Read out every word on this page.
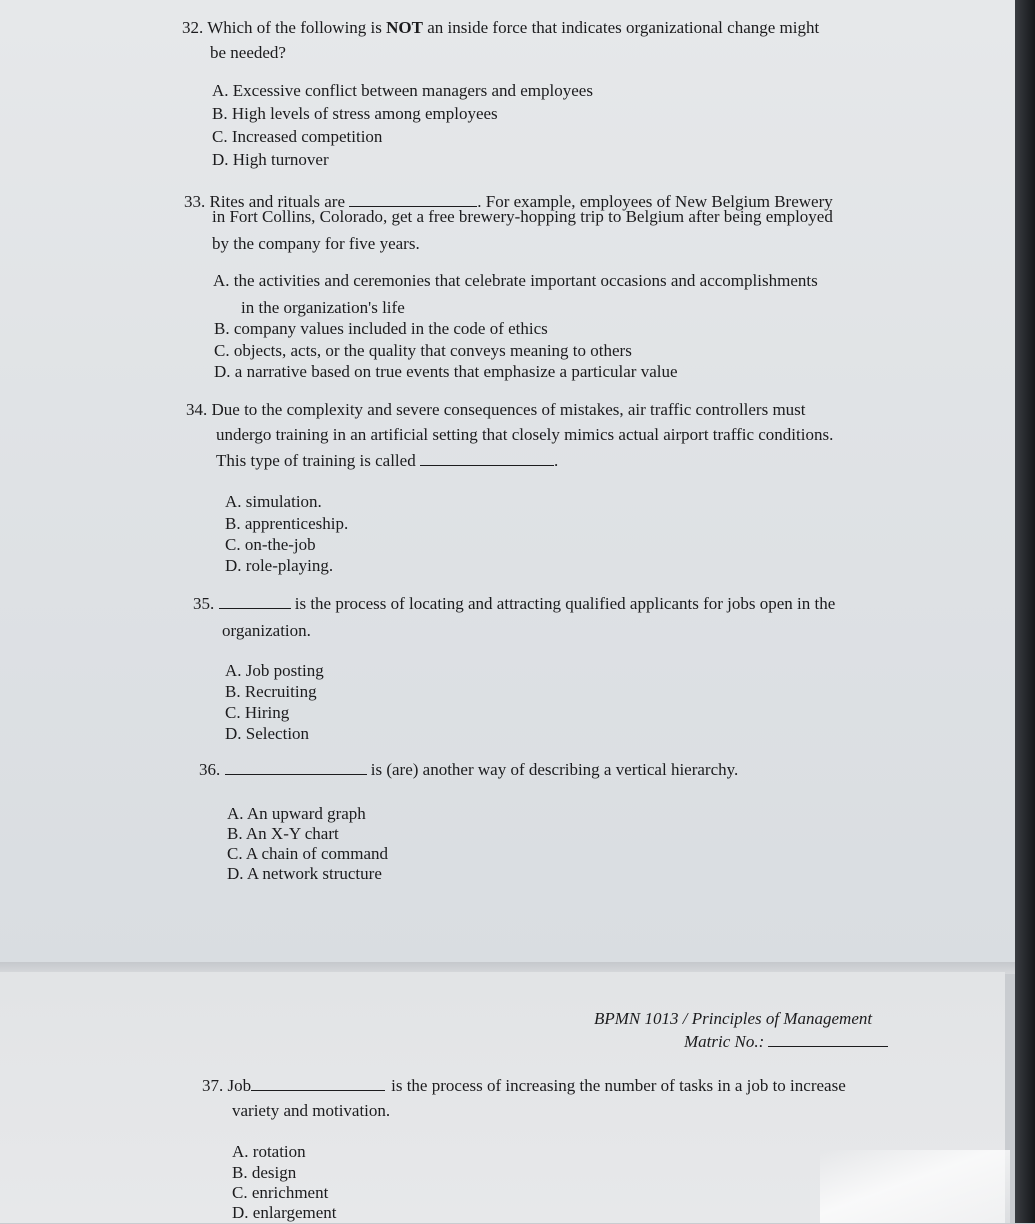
32. Which of the following is NOT an inside force that indicates organizational change might
be needed?
A. Excessive conflict between managers and employees
B. High levels of stress among employees
C. Increased competition
D. High turnover
33. Rites and rituals are	. For example, employees of New Belgium Brewery
in Fort Collins, Colorado, get a free brewery-hopping trip to Belgium after being employed
by the company for five years.
A. the activities and ceremonies that celebrate important occasions and accomplishments
in the organization's life
B. company values included in the code of ethics
C. objects, acts, or the quality that conveys meaning to others
D. a narrative based on true events that emphasize a particular value
34. Due to the complexity and severe consequences of mistakes, air traffic controllers must
undergo training in an artificial setting that closely mimics actual airport traffic conditions.
This type of training is called	.
A. simulation.
B. apprenticeship.
C. on-the-job
D. role-playing.
35.	is the process of locating and attracting qualified applicants for jobs open in the
organization.
A. Job posting
B. Recruiting
C. Hiring
D. Selection
36.	is (are) another way of describing a vertical hierarchy.
A. An upward graph
B. An X-Y chart
C. A chain of command
D. A network structure
BPMN 1013 / Principles of Management
Matric No.:
37. Job	is the process of increasing the number of tasks in a job to increase
variety and motivation.
A. rotation
B. design
C. enrichment
D. enlargement
